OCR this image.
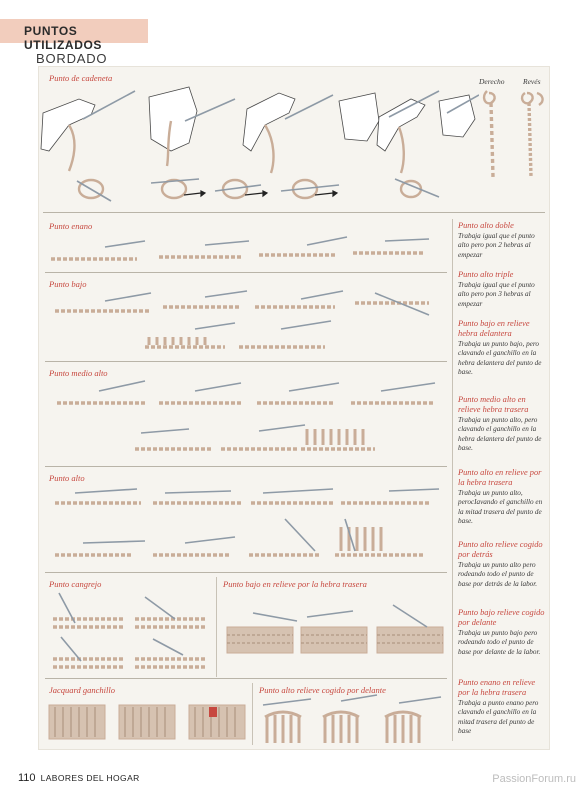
PUNTOS UTILIZADOS
BORDADO
Punto de cadeneta	Derecho Revés
Punto enano
Punto bajo
Punto medio alto
Punto alto
Punto cangrejo	Punto bajo en relieve por la hebra trasera
Jacquard ganchillo	Punto alto relieve cogido por delante
Punto alto doble
Trabaja igual que el punto alto pero pon 2 hebras al empezar
Punto alto triple
Trabaja igual que el punto alto pero pon 3 hebras al empezar
Punto bajo en relieve hebra delantera
Trabaja un punto bajo, pero clavando el ganchillo en la hebra delantera del punto de base.
Punto medio alto en relieve hebra trasera
Trabaja un punto alto, pero clavando el ganchillo en la hebra delantera del punto de base.
Punto alto en relieve por la hebra trasera
Trabaja un punto alto, perocIavando el ganchillo en la mitad trasera del punto de base.
Punto alto relieve cogido por detrás
Trabaja un punto alto pero rodeando todo el punto de base por detrás de la labor.
Punto bajo relieve cogido por delante
Trabaja un punto bajo pero rodeando todo el punto de base por delante de la labor.
Punto enano en relieve por la hebra trasera
Trabaja a punto enano pero clavando el ganchillo en la mitad trasera del punto de base
110 LABORES DEL HOGAR	PassionForum.ru
